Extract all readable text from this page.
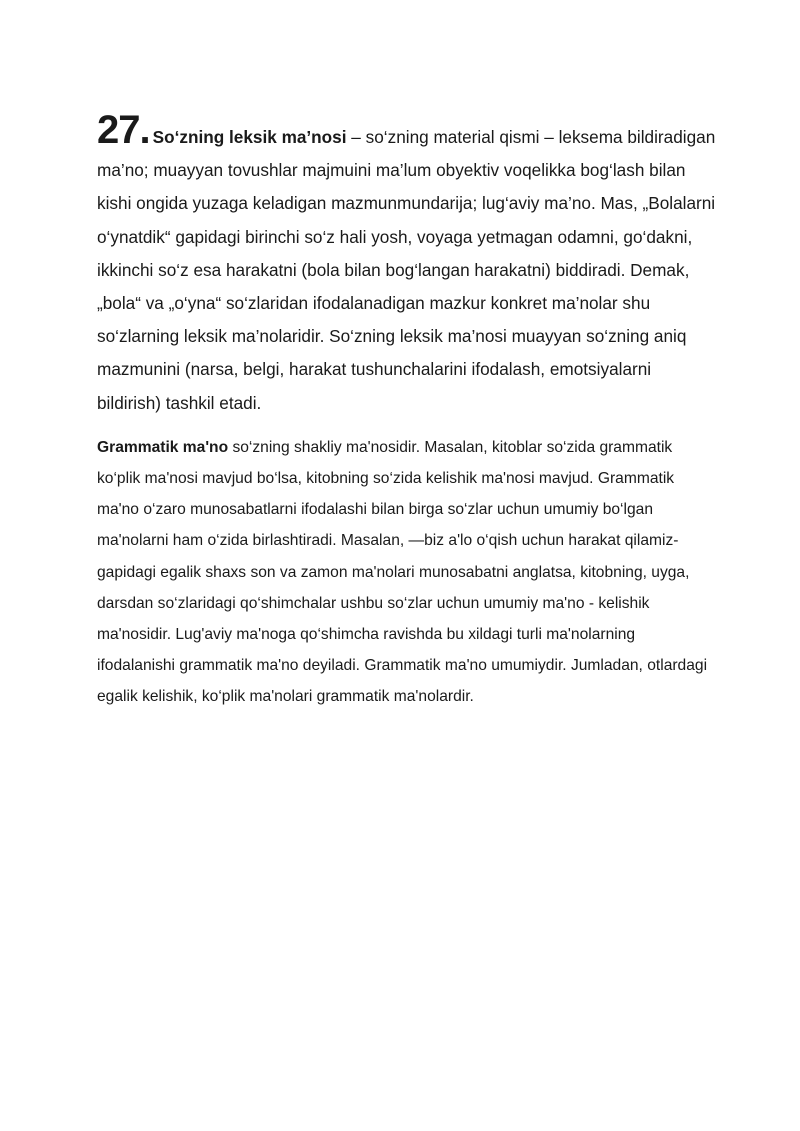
27. So‘zning leksik ma’nosi – so‘zning material qismi – leksema bildiradigan ma’no; muayyan tovushlar majmuini ma’lum obyektiv voqelikka bog‘lash bilan kishi ongida yuzaga keladigan mazmunmundarija; lug‘aviy ma’no. Mas, „Bolalarni o‘ynatdik“ gapidagi birinchi so‘z hali yosh, voyaga yetmagan odamni, go‘dakni, ikkinchi so‘z esa harakatni (bola bilan bog‘langan harakatni) biddiradi. Demak, „bola“ va „o‘yna“ so‘zlaridan ifodalanadigan mazkur konkret ma’nolar shu so‘zlarning leksik ma’nolaridir. So‘zning leksik ma’nosi muayyan so‘zning aniq mazmunini (narsa, belgi, harakat tushunchalarini ifodalash, emotsiyalarni bildirish) tashkil etadi.

Grammatik ma'no so‘zning shakliy ma'nosidir. Masalan, kitoblar so‘zida grammatik ko‘plik ma'nosi mavjud bo‘lsa, kitobning so‘zida kelishik ma'nosi mavjud. Grammatik ma'no o‘zaro munosabatlarni ifodalashi bilan birga so‘zlar uchun umumiy bo‘lgan ma'nolarni ham o‘zida birlashtiradi. Masalan, ―biz a'lo o‘qish uchun harakat qilamiz-gapidagi egalik shaxs son va zamon ma'nolari munosabatni anglatsa, kitobning, uyga, darsdan so‘zlaridagi qo‘shimchalar ushbu so‘zlar uchun umumiy ma'no - kelishik ma'nosidir. Lug'aviy ma'noga qo‘shimcha ravishda bu xildagi turli ma'nolarning ifodalanishi grammatik ma'no deyiladi. Grammatik ma'no umumiydir. Jumladan, otlardagi egalik kelishik, ko‘plik ma'nolari grammatik ma'nolardir.
